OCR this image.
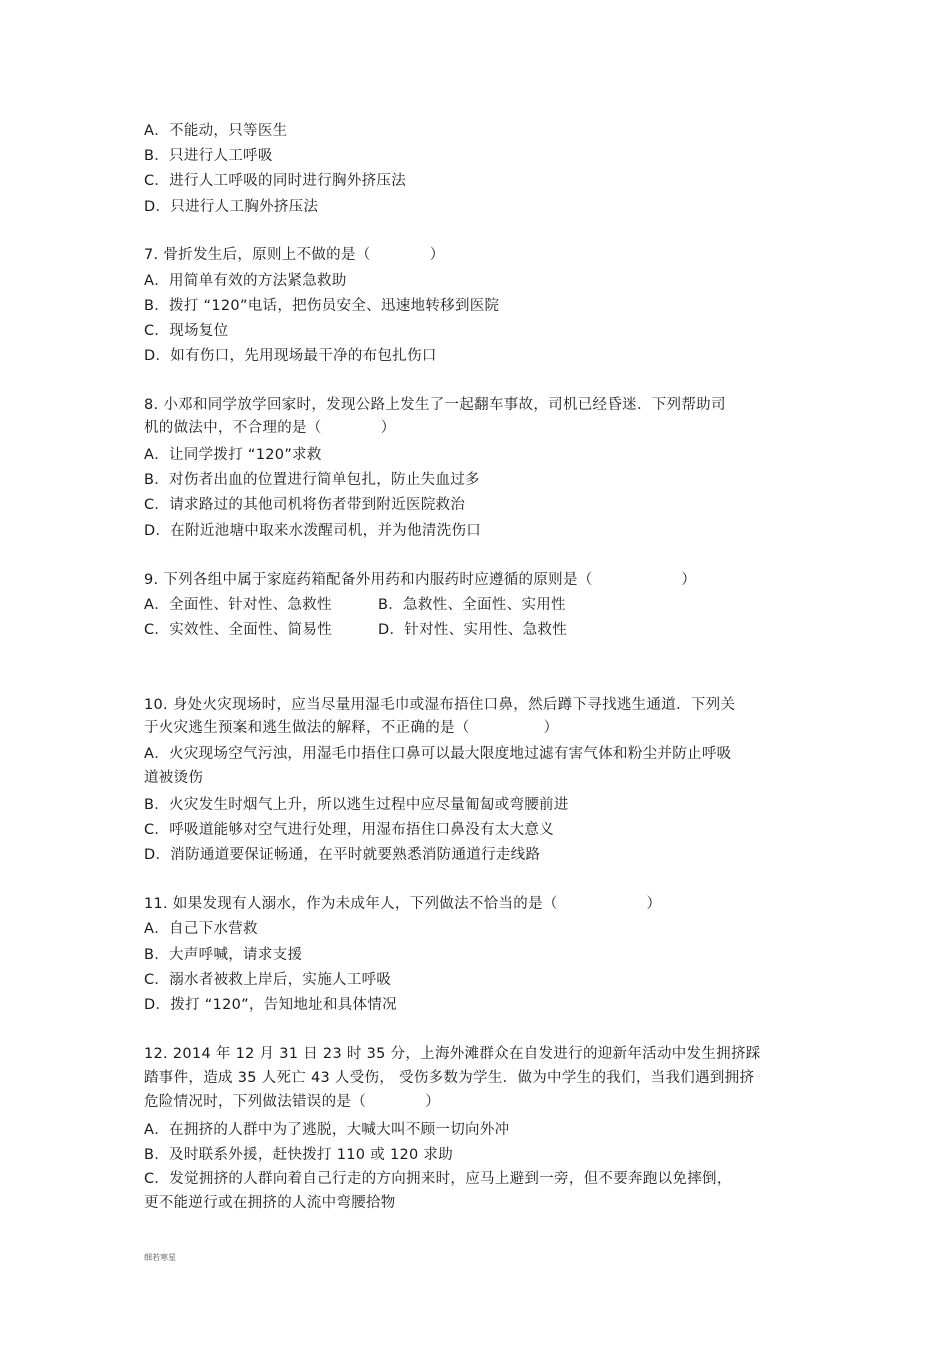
A．不能动，只等医生
B．只进行人工呼吸
C．进行人工呼吸的同时进行胸外挤压法
D．只进行人工胸外挤压法
7. 骨折发生后，原则上不做的是（　　　　）
A．用简单有效的方法紧急救助
B．拨打 “120”电话，把伤员安全、迅速地转移到医院
C．现场复位
D．如有伤口，先用现场最干净的布包扎伤口
8. 小邓和同学放学回家时，发现公路上发生了一起翻车事故，司机已经昏迷．下列帮助司
机的做法中，不合理的是（　　　　）
A．让同学拨打 “120”求救
B．对伤者出血的位置进行简单包扎，防止失血过多
C．请求路过的其他司机将伤者带到附近医院救治
D．在附近池塘中取来水泼醒司机，并为他清洗伤口
9. 下列各组中属于家庭药箱配备外用药和内服药时应遵循的原则是（　　　　　　）
A．全面性、针对性、急救性	B．急救性、全面性、实用性
C．实效性、全面性、简易性	D．针对性、实用性、急救性
10. 身处火灾现场时，应当尽量用湿毛巾或湿布捂住口鼻，然后蹲下寻找逃生通道．下列关
于火灾逃生预案和逃生做法的解释，不正确的是（　　　　　）
A．火灾现场空气污浊，用湿毛巾捂住口鼻可以最大限度地过滤有害气体和粉尘并防止呼吸
道被烫伤
B．火灾发生时烟气上升，所以逃生过程中应尽量匍匐或弯腰前进
C．呼吸道能够对空气进行处理，用湿布捂住口鼻没有太大意义
D．消防通道要保证畅通，在平时就要熟悉消防通道行走线路
11. 如果发现有人溺水，作为未成年人，下列做法不恰当的是（　　　　　　）
A．自己下水营救
B．大声呼喊，请求支援
C．溺水者被救上岸后，实施人工呼吸
D．拨打 “120”，告知地址和具体情况
12. 2014 年 12 月 31 日 23 时 35 分，上海外滩群众在自发进行的迎新年活动中发生拥挤踩
踏事件，造成 35 人死亡 43 人受伤， 受伤多数为学生．做为中学生的我们，当我们遇到拥挤
危险情况时，下列做法错误的是（　　　　）
A．在拥挤的人群中为了逃脱，大喊大叫不顾一切向外冲
B．及时联系外援，赶快拨打 110 或 120 求助
C．发觉拥挤的人群向着自己行走的方向拥来时，应马上避到一旁，但不要奔跑以免摔倒，
更不能逆行或在拥挤的人流中弯腰拾物
细若寒星
